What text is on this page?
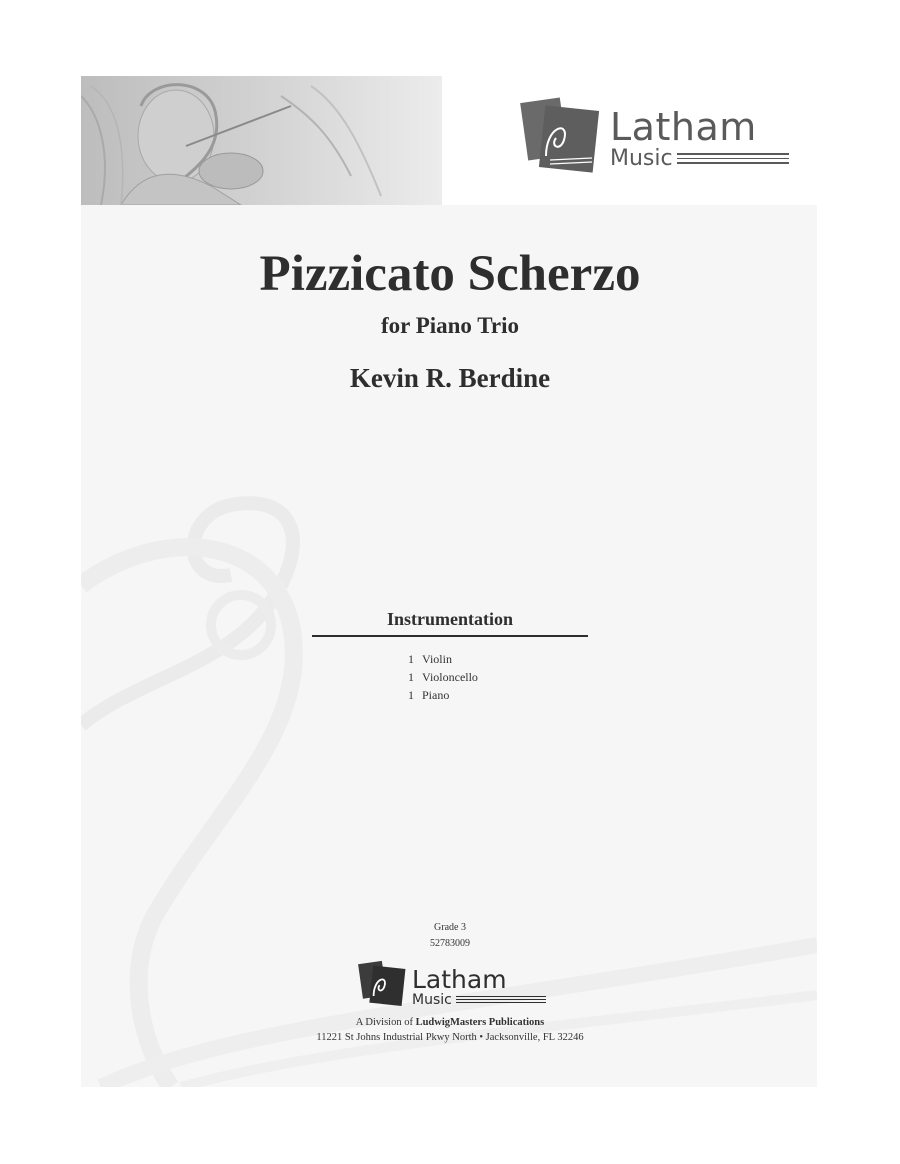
Latham
Music
Pizzicato Scherzo
for Piano Trio
Kevin R. Berdine
Instrumentation
1 Violin
1 Violoncello
1 Piano
Grade 3
52783009
Latham
Music
A Division of LudwigMasters Publications
11221 St Johns Industrial Pkwy North • Jacksonville, FL 32246
